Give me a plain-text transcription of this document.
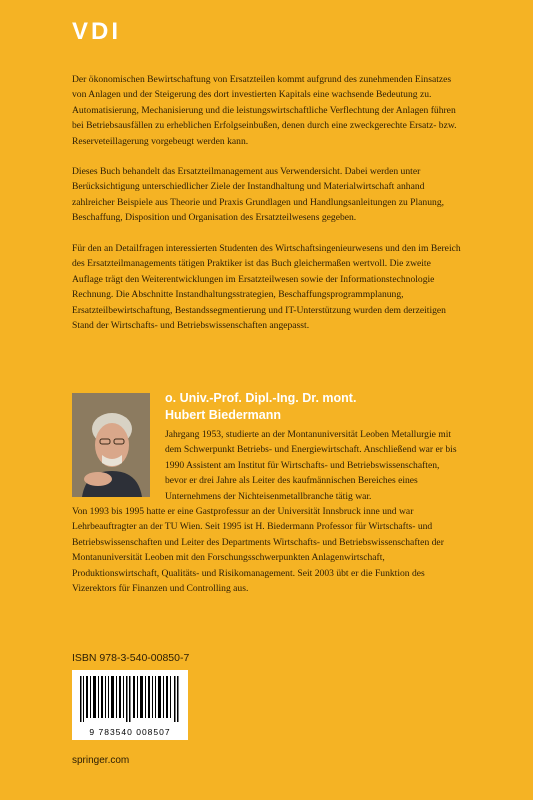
VDI

Der ökonomischen Bewirtschaftung von Ersatzteilen kommt aufgrund des zunehmenden Einsatzes von Anlagen und der Steigerung des dort investierten Kapitals eine wachsende Bedeutung zu. Automatisierung, Mechanisierung und die leistungswirtschaftliche Verflechtung der Anlagen führen bei Betriebsausfällen zu erheblichen Erfolgseinbußen, denen durch eine zweckgerechte Ersatz- bzw. Reserveteillagerung vorgebeugt werden kann.

Dieses Buch behandelt das Ersatzteilmanagement aus Verwendersicht. Dabei werden unter Berücksichtigung unterschiedlicher Ziele der Instandhaltung und Materialwirtschaft anhand zahlreicher Beispiele aus Theorie und Praxis Grundlagen und Handlungsanleitungen zu Planung, Beschaffung, Disposition und Organisation des Ersatzteilwesens gegeben.

Für den an Detailfragen interessierten Studenten des Wirtschaftsingenieurwesens und den im Bereich des Ersatzteilmanagements tätigen Praktiker ist das Buch gleichermaßen wertvoll. Die zweite Auflage trägt den Weiterentwicklungen im Ersatzteilwesen sowie der Informationstechnologie Rechnung. Die Abschnitte Instandhaltungsstrategien, Beschaffungsprogrammplanung, Ersatzteilbewirtschaftung, Bestandssegmentierung und IT-Unterstützung wurden dem derzeitigen Stand der Wirtschafts- und Betriebswissenschaften angepasst.

o. Univ.-Prof. Dipl.-Ing. Dr. mont.
Hubert Biedermann

Jahrgang 1953, studierte an der Montanuniversität Leoben Metallurgie mit dem Schwerpunkt Betriebs- und Energiewirtschaft. Anschließend war er bis 1990 Assistent am Institut für Wirtschafts- und Betriebswissenschaften, bevor er drei Jahre als Leiter des kaufmännischen Bereiches eines Unternehmens der Nichteisenmetallbranche tätig war.

Von 1993 bis 1995 hatte er eine Gastprofessur an der Universität Innsbruck inne und war Lehrbeauftragter an der TU Wien. Seit 1995 ist H. Biedermann Professor für Wirtschafts- und Betriebswissenschaften und Leiter des Departments Wirtschafts- und Betriebswissenschaften der Montanuniversität Leoben mit den Forschungsschwerpunkten Anlagenwirtschaft, Produktionswirtschaft, Qualitäts- und Risikomanagement. Seit 2003 übt er die Funktion des Vizerektors für Finanzen und Controlling aus.

ISBN 978-3-540-00850-7
9 783540 008507
springer.com
